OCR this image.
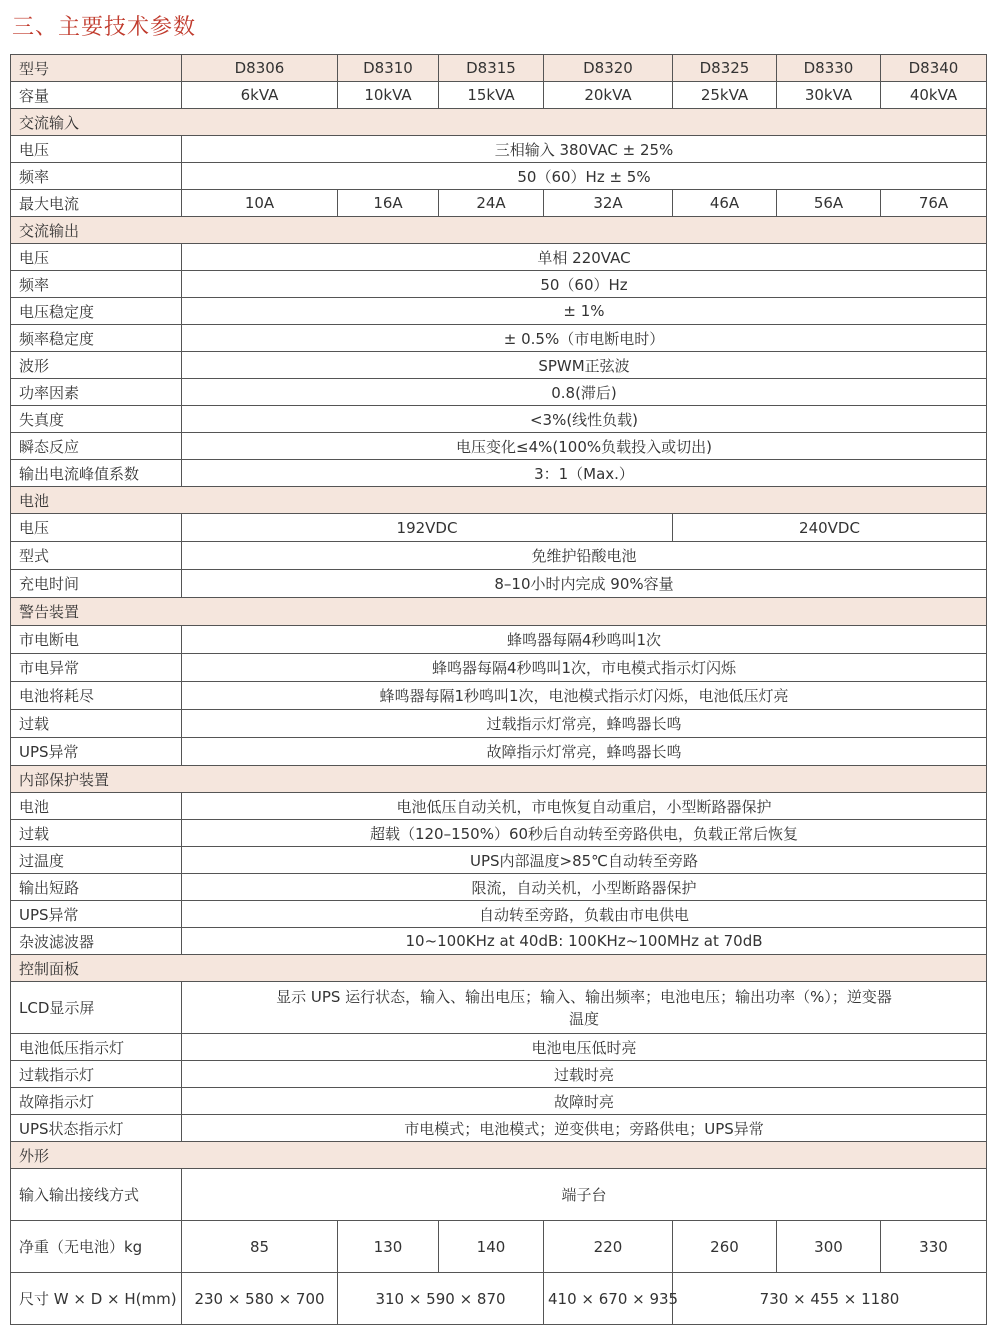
三、主要技术参数
型号	D8306	D8310	D8315	D8320	D8325	D8330	D8340
容量	6kVA	10kVA	15kVA	20kVA	25kVA	30kVA	40kVA
交流输入							
电压	三相输入 380VAC ± 25%						
频率	50（60）Hz ± 5%						
最大电流	10A	16A	24A	32A	46A	56A	76A
交流输出							
电压	单相 220VAC						
频率	50（60）Hz						
电压稳定度	± 1%						
频率稳定度	± 0.5%（市电断电时）						
波形	SPWM正弦波						
功率因素	0.8(滞后)						
失真度	<3%(线性负载)						
瞬态反应	电压变化≤4%(100%负载投入或切出)						
输出电流峰值系数	3：1（Max.）						
电池							
电压	192VDC				240VDC		
型式	免维护铅酸电池						
充电时间	8–10小时内完成 90%容量						
警告装置							
市电断电	蜂鸣器每隔4秒鸣叫1次						
市电异常	蜂鸣器每隔4秒鸣叫1次，市电模式指示灯闪烁						
电池将耗尽	蜂鸣器每隔1秒鸣叫1次，电池模式指示灯闪烁，电池低压灯亮						
过载	过载指示灯常亮，蜂鸣器长鸣						
UPS异常	故障指示灯常亮，蜂鸣器长鸣						
内部保护装置							
电池	电池低压自动关机，市电恢复自动重启，小型断路器保护						
过载	超载（120–150%）60秒后自动转至旁路供电，负载正常后恢复						
过温度	UPS内部温度>85℃自动转至旁路						
输出短路	限流，自动关机，小型断路器保护						
UPS异常	自动转至旁路，负载由市电供电						
杂波滤波器	10~100KHz at 40dB: 100KHz~100MHz at 70dB						
控制面板							
LCD显示屏	显示 UPS 运行状态，输入、输出电压；输入、输出频率；电池电压；输出功率（%）；逆变器温度						
电池低压指示灯	电池电压低时亮						
过载指示灯	过载时亮						
故障指示灯	故障时亮						
UPS状态指示灯	市电模式；电池模式；逆变供电；旁路供电；UPS异常						
外形							
输入输出接线方式	端子台						
净重（无电池）kg	85	130	140	220	260	300	330
尺寸 W × D × H(mm)	230 × 580 × 700	310 × 590 × 870		410 × 670 × 935	730 × 455 × 1180		
